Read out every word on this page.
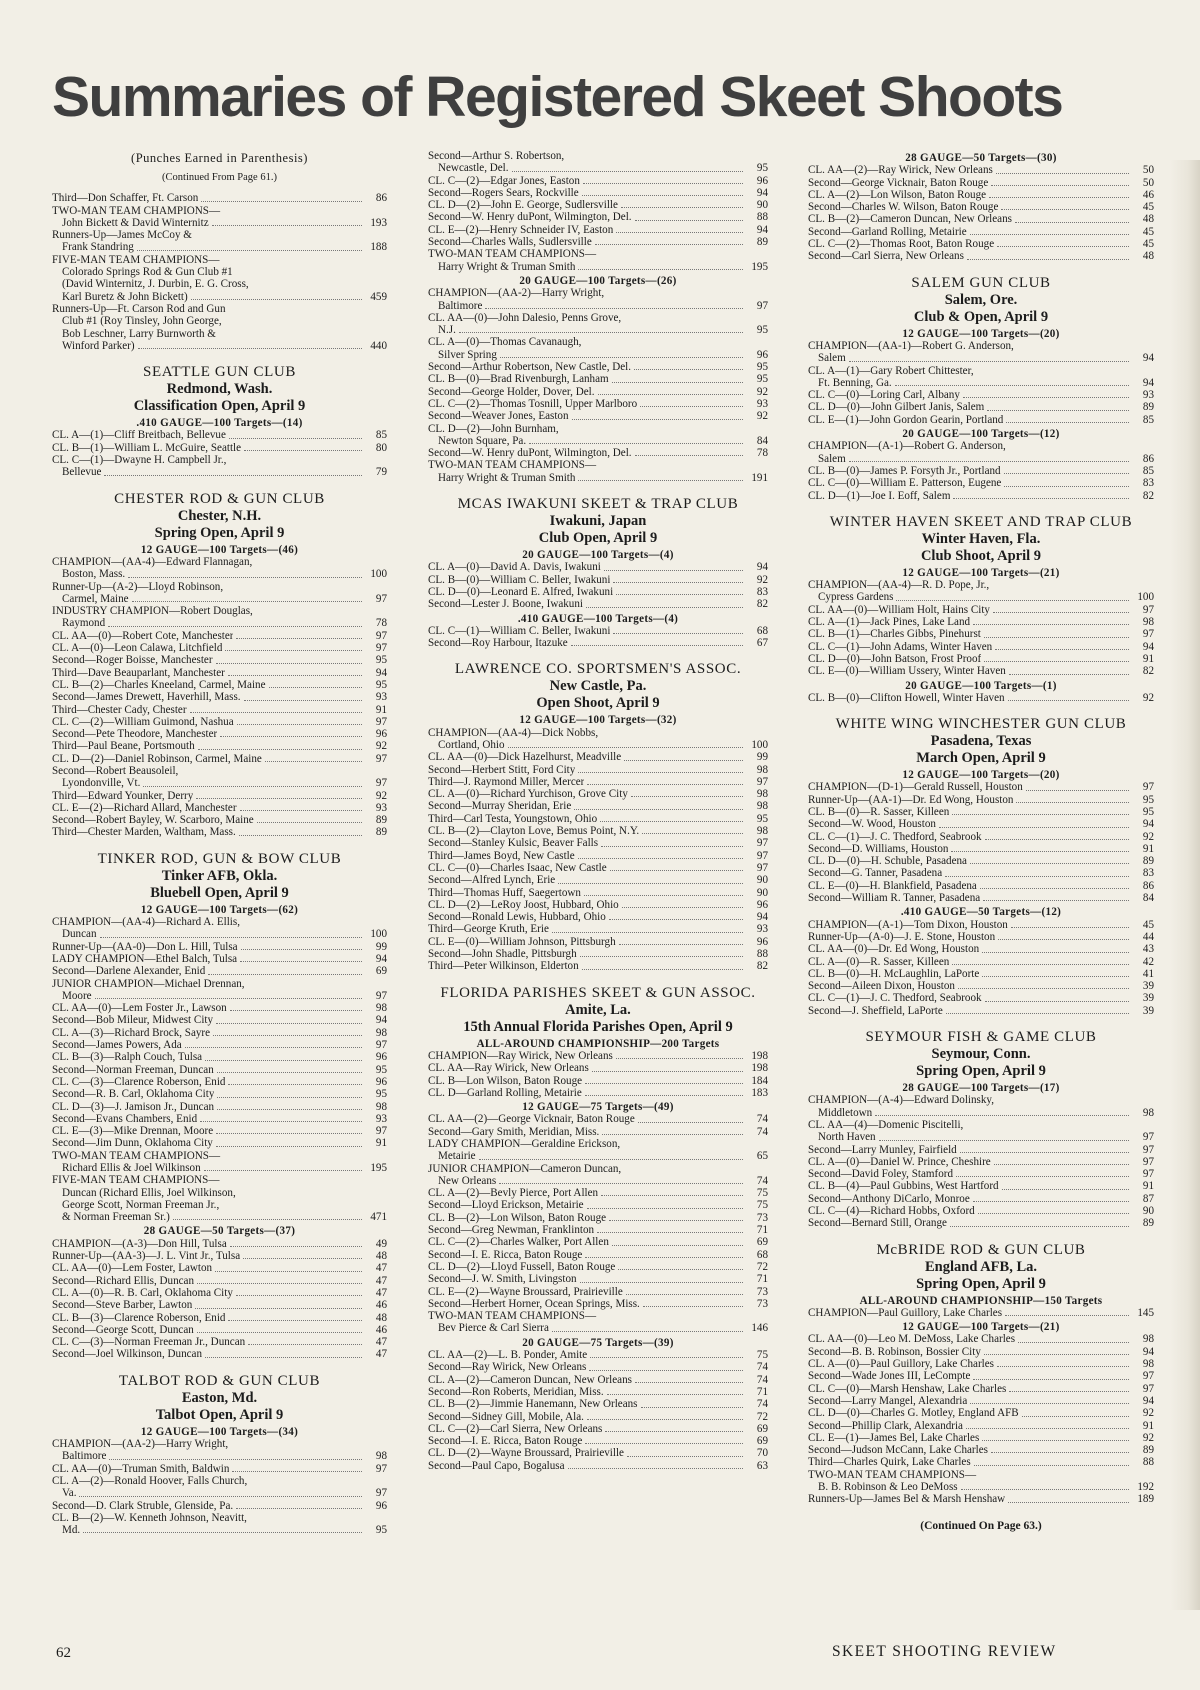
Summaries of Registered Skeet Shoots
(Punches Earned in Parenthesis)
(Continued From Page 61.)
Third—Don Schaffer, Ft. Carson	86
TWO-MAN TEAM CHAMPIONS—
John Bickett & David Winternitz	193
Runners-Up—James McCoy &
Frank Standring	188
FIVE-MAN TEAM CHAMPIONS—
Colorado Springs Rod & Gun Club #1
(David Winternitz, J. Durbin, E. G. Cross,
Karl Buretz & John Bickett)	459
Runners-Up—Ft. Carson Rod and Gun
Club #1 (Roy Tinsley, John George,
Bob Leschner, Larry Burnworth &
Winford Parker)	440
SEATTLE GUN CLUB
Redmond, Wash.
Classification Open, April 9
.410 GAUGE—100 Targets—(14)
CL. A—(1)—Cliff Breitbach, Bellevue	85
CL. B—(1)—William L. McGuire, Seattle	80
CL. C—(1)—Dwayne H. Campbell Jr.,
Bellevue	79
CHESTER ROD & GUN CLUB
Chester, N.H.
Spring Open, April 9
12 GAUGE—100 Targets—(46)
CHAMPION—(AA-4)—Edward Flannagan,
Boston, Mass.	100
Runner-Up—(A-2)—Lloyd Robinson,
Carmel, Maine	97
INDUSTRY CHAMPION—Robert Douglas,
Raymond	78
CL. AA—(0)—Robert Cote, Manchester	97
CL. A—(0)—Leon Calawa, Litchfield	97
Second—Roger Boisse, Manchester	95
Third—Dave Beauparlant, Manchester	94
CL. B—(2)—Charles Kneeland, Carmel, Maine	95
Second—James Drewett, Haverhill, Mass.	93
Third—Chester Cady, Chester	91
CL. C—(2)—William Guimond, Nashua	97
Second—Pete Theodore, Manchester	96
Third—Paul Beane, Portsmouth	92
CL. D—(2)—Daniel Robinson, Carmel, Maine	97
Second—Robert Beausoleil,
Lyondonville, Vt.	97
Third—Edward Younker, Derry	92
CL. E—(2)—Richard Allard, Manchester	93
Second—Robert Bayley, W. Scarboro, Maine	89
Third—Chester Marden, Waltham, Mass.	89
TINKER ROD, GUN & BOW CLUB
Tinker AFB, Okla.
Bluebell Open, April 9
12 GAUGE—100 Targets—(62)
CHAMPION—(AA-4)—Richard A. Ellis,
Duncan	100
Runner-Up—(AA-0)—Don L. Hill, Tulsa	99
LADY CHAMPION—Ethel Balch, Tulsa	94
Second—Darlene Alexander, Enid	69
JUNIOR CHAMPION—Michael Drennan,
Moore	97
CL. AA—(0)—Lem Foster Jr., Lawson	98
Second—Bob Mileur, Midwest City	94
CL. A—(3)—Richard Brock, Sayre	98
Second—James Powers, Ada	97
CL. B—(3)—Ralph Couch, Tulsa	96
Second—Norman Freeman, Duncan	95
CL. C—(3)—Clarence Roberson, Enid	96
Second—R. B. Carl, Oklahoma City	95
CL. D—(3)—J. Jamison Jr., Duncan	98
Second—Evans Chambers, Enid	93
CL. E—(3)—Mike Drennan, Moore	97
Second—Jim Dunn, Oklahoma City	91
TWO-MAN TEAM CHAMPIONS—
Richard Ellis & Joel Wilkinson	195
FIVE-MAN TEAM CHAMPIONS—
Duncan (Richard Ellis, Joel Wilkinson,
George Scott, Norman Freeman Jr.,
& Norman Freeman Sr.)	471
28 GAUGE—50 Targets—(37)
CHAMPION—(A-3)—Don Hill, Tulsa	49
Runner-Up—(AA-3)—J. L. Vint Jr., Tulsa	48
CL. AA—(0)—Lem Foster, Lawton	47
Second—Richard Ellis, Duncan	47
CL. A—(0)—R. B. Carl, Oklahoma City	47
Second—Steve Barber, Lawton	46
CL. B—(3)—Clarence Roberson, Enid	48
Second—George Scott, Duncan	46
CL. C—(3)—Norman Freeman Jr., Duncan	47
Second—Joel Wilkinson, Duncan	47
TALBOT ROD & GUN CLUB
Easton, Md.
Talbot Open, April 9
12 GAUGE—100 Targets—(34)
CHAMPION—(AA-2)—Harry Wright,
Baltimore	98
CL. AA—(0)—Truman Smith, Baldwin	97
CL. A—(2)—Ronald Hoover, Falls Church,
Va.	97
Second—D. Clark Struble, Glenside, Pa.	96
CL. B—(2)—W. Kenneth Johnson, Neavitt,
Md.	95
Second—Arthur S. Robertson,
Newcastle, Del.	95
CL. C—(2)—Edgar Jones, Easton	96
Second—Rogers Sears, Rockville	94
CL. D—(2)—John E. George, Sudlersville	90
Second—W. Henry duPont, Wilmington, Del.	88
CL. E—(2)—Henry Schneider IV, Easton	94
Second—Charles Walls, Sudlersville	89
TWO-MAN TEAM CHAMPIONS—
Harry Wright & Truman Smith	195
20 GAUGE—100 Targets—(26)
CHAMPION—(AA-2)—Harry Wright,
Baltimore	97
CL. AA—(0)—John Dalesio, Penns Grove,
N.J.	95
CL. A—(0)—Thomas Cavanaugh,
Silver Spring	96
Second—Arthur Robertson, New Castle, Del.	95
CL. B—(0)—Brad Rivenburgh, Lanham	95
Second—George Holder, Dover, Del.	92
CL. C—(2)—Thomas Tosnill, Upper Marlboro	93
Second—Weaver Jones, Easton	92
CL. D—(2)—John Burnham,
Newton Square, Pa.	84
Second—W. Henry duPont, Wilmington, Del.	78
TWO-MAN TEAM CHAMPIONS—
Harry Wright & Truman Smith	191
MCAS IWAKUNI SKEET & TRAP CLUB
Iwakuni, Japan
Club Open, April 9
20 GAUGE—100 Targets—(4)
CL. A—(0)—David A. Davis, Iwakuni	94
CL. B—(0)—William C. Beller, Iwakuni	92
CL. D—(0)—Leonard E. Alfred, Iwakuni	83
Second—Lester J. Boone, Iwakuni	82
.410 GAUGE—100 Targets—(4)
CL. C—(1)—William C. Beller, Iwakuni	68
Second—Roy Harbour, Itazuke	67
LAWRENCE CO. SPORTSMEN'S ASSOC.
New Castle, Pa.
Open Shoot, April 9
12 GAUGE—100 Targets—(32)
CHAMPION—(AA-4)—Dick Nobbs,
Cortland, Ohio	100
CL. AA—(0)—Dick Hazelhurst, Meadville	99
Second—Herbert Stitt, Ford City	98
Third—J. Raymond Miller, Mercer	97
CL. A—(0)—Richard Yurchison, Grove City	98
Second—Murray Sheridan, Erie	98
Third—Carl Testa, Youngstown, Ohio	95
CL. B—(2)—Clayton Love, Bemus Point, N.Y.	98
Second—Stanley Kulsic, Beaver Falls	97
Third—James Boyd, New Castle	97
CL. C—(0)—Charles Isaac, New Castle	97
Second—Alfred Lynch, Erie	90
Third—Thomas Huff, Saegertown	90
CL. D—(2)—LeRoy Joost, Hubbard, Ohio	96
Second—Ronald Lewis, Hubbard, Ohio	94
Third—George Kruth, Erie	93
CL. E—(0)—William Johnson, Pittsburgh	96
Second—John Shadle, Pittsburgh	88
Third—Peter Wilkinson, Elderton	82
FLORIDA PARISHES SKEET & GUN ASSOC.
Amite, La.
15th Annual Florida Parishes Open, April 9
ALL-AROUND CHAMPIONSHIP—200 Targets
CHAMPION—Ray Wirick, New Orleans	198
CL. AA—Ray Wirick, New Orleans	198
CL. B—Lon Wilson, Baton Rouge	184
CL. D—Garland Rolling, Metairie	183
12 GAUGE—75 Targets—(49)
CL. AA—(2)—George Vicknair, Baton Rouge	74
Second—Gary Smith, Meridian, Miss.	74
LADY CHAMPION—Geraldine Erickson,
Metairie	65
JUNIOR CHAMPION—Cameron Duncan,
New Orleans	74
CL. A—(2)—Bevly Pierce, Port Allen	75
Second—Lloyd Erickson, Metairie	75
CL. B—(2)—Lon Wilson, Baton Rouge	73
Second—Greg Newman, Franklinton	71
CL. C—(2)—Charles Walker, Port Allen	69
Second—I. E. Ricca, Baton Rouge	68
CL. D—(2)—Lloyd Fussell, Baton Rouge	72
Second—J. W. Smith, Livingston	71
CL. E—(2)—Wayne Broussard, Prairieville	73
Second—Herbert Horner, Ocean Springs, Miss.	73
TWO-MAN TEAM CHAMPIONS—
Bev Pierce & Carl Sierra	146
20 GAUGE—75 Targets—(39)
CL. AA—(2)—L. B. Ponder, Amite	75
Second—Ray Wirick, New Orleans	74
CL. A—(2)—Cameron Duncan, New Orleans	74
Second—Ron Roberts, Meridian, Miss.	71
CL. B—(2)—Jimmie Hanemann, New Orleans	74
Second—Sidney Gill, Mobile, Ala.	72
CL. C—(2)—Carl Sierra, New Orleans	69
Second—I. E. Ricca, Baton Rouge	69
CL. D—(2)—Wayne Broussard, Prairieville	70
Second—Paul Capo, Bogalusa	63
28 GAUGE—50 Targets—(30)
CL. AA—(2)—Ray Wirick, New Orleans	50
Second—George Vicknair, Baton Rouge	50
CL. A—(2)—Lon Wilson, Baton Rouge	46
Second—Charles W. Wilson, Baton Rouge	45
CL. B—(2)—Cameron Duncan, New Orleans	48
Second—Garland Rolling, Metairie	45
CL. C—(2)—Thomas Root, Baton Rouge	45
Second—Carl Sierra, New Orleans	48
SALEM GUN CLUB
Salem, Ore.
Club & Open, April 9
12 GAUGE—100 Targets—(20)
CHAMPION—(AA-1)—Robert G. Anderson,
Salem	94
CL. A—(1)—Gary Robert Chittester,
Ft. Benning, Ga.	94
CL. C—(0)—Loring Carl, Albany	93
CL. D—(0)—John Gilbert Janis, Salem	89
CL. E—(1)—John Gordon Gearin, Portland	85
20 GAUGE—100 Targets—(12)
CHAMPION—(A-1)—Robert G. Anderson,
Salem	86
CL. B—(0)—James P. Forsyth Jr., Portland	85
CL. C—(0)—William E. Patterson, Eugene	83
CL. D—(1)—Joe I. Eoff, Salem	82
WINTER HAVEN SKEET AND TRAP CLUB
Winter Haven, Fla.
Club Shoot, April 9
12 GAUGE—100 Targets—(21)
CHAMPION—(AA-4)—R. D. Pope, Jr.,
Cypress Gardens	100
CL. AA—(0)—William Holt, Hains City	97
CL. A—(1)—Jack Pines, Lake Land	98
CL. B—(1)—Charles Gibbs, Pinehurst	97
CL. C—(1)—John Adams, Winter Haven	94
CL. D—(0)—John Batson, Frost Proof	91
CL. E—(0)—William Ussery, Winter Haven	82
20 GAUGE—100 Targets—(1)
CL. B—(0)—Clifton Howell, Winter Haven	92
WHITE WING WINCHESTER GUN CLUB
Pasadena, Texas
March Open, April 9
12 GAUGE—100 Targets—(20)
CHAMPION—(D-1)—Gerald Russell, Houston	97
Runner-Up—(AA-1)—Dr. Ed Wong, Houston	95
CL. B—(0)—R. Sasser, Killeen	95
Second—W. Wood, Houston	94
CL. C—(1)—J. C. Thedford, Seabrook	92
Second—D. Williams, Houston	91
CL. D—(0)—H. Schuble, Pasadena	89
Second—G. Tanner, Pasadena	83
CL. E—(0)—H. Blankfield, Pasadena	86
Second—William R. Tanner, Pasadena	84
.410 GAUGE—50 Targets—(12)
CHAMPION—(A-1)—Tom Dixon, Houston	45
Runner-Up—(A-0)—J. E. Stone, Houston	44
CL. AA—(0)—Dr. Ed Wong, Houston	43
CL. A—(0)—R. Sasser, Killeen	42
CL. B—(0)—H. McLaughlin, LaPorte	41
Second—Aileen Dixon, Houston	39
CL. C—(1)—J. C. Thedford, Seabrook	39
Second—J. Sheffield, LaPorte	39
SEYMOUR FISH & GAME CLUB
Seymour, Conn.
Spring Open, April 9
28 GAUGE—100 Targets—(17)
CHAMPION—(A-4)—Edward Dolinsky,
Middletown	98
CL. AA—(4)—Domenic Piscitelli,
North Haven	97
Second—Larry Munley, Fairfield	97
CL. A—(0)—Daniel W. Prince, Cheshire	97
Second—David Foley, Stamford	97
CL. B—(4)—Paul Gubbins, West Hartford	91
Second—Anthony DiCarlo, Monroe	87
CL. C—(4)—Richard Hobbs, Oxford	90
Second—Bernard Still, Orange	89
McBRIDE ROD & GUN CLUB
England AFB, La.
Spring Open, April 9
ALL-AROUND CHAMPIONSHIP—150 Targets
CHAMPION—Paul Guillory, Lake Charles	145
12 GAUGE—100 Targets—(21)
CL. AA—(0)—Leo M. DeMoss, Lake Charles	98
Second—B. B. Robinson, Bossier City	94
CL. A—(0)—Paul Guillory, Lake Charles	98
Second—Wade Jones III, LeCompte	97
CL. C—(0)—Marsh Henshaw, Lake Charles	97
Second—Larry Mangel, Alexandria	94
CL. D—(0)—Charles G. Motley, England AFB	92
Second—Phillip Clark, Alexandria	91
CL. E—(1)—James Bel, Lake Charles	92
Second—Judson McCann, Lake Charles	89
Third—Charles Quirk, Lake Charles	88
TWO-MAN TEAM CHAMPIONS—
B. B. Robinson & Leo DeMoss	192
Runners-Up—James Bel & Marsh Henshaw	189
(Continued On Page 63.)
62	SKEET SHOOTING REVIEW
